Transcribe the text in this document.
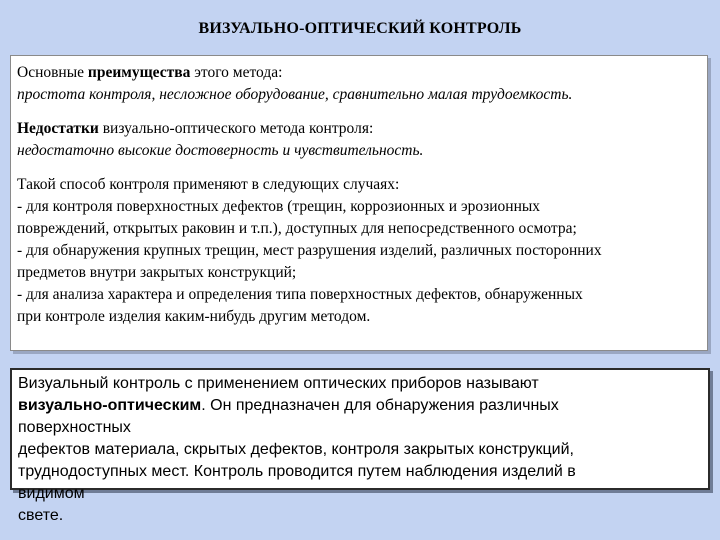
ВИЗУАЛЬНО-ОПТИЧЕСКИЙ КОНТРОЛЬ

Основные преимущества этого метода:

простота контроля, несложное оборудование, сравнительно малая трудоемкость.

Недостатки визуально-оптического метода контроля:

недостаточно высокие достоверность и чувствительность.

Такой способ контроля применяют в следующих случаях:

- для контроля поверхностных дефектов (трещин, коррозионных и эрозионных

повреждений, открытых раковин и т.п.), доступных для непосредственного осмотра;

- для обнаружения крупных трещин, мест разрушения изделий, различных посторонних

предметов внутри закрытых конструкций;

- для анализа характера и определения типа поверхностных дефектов, обнаруженных

при контроле изделия каким-нибудь другим методом.

Визуальный контроль с применением оптических приборов называют
визуально-оптическим. Он предназначен для обнаружения различных
поверхностных
дефектов материала, скрытых дефектов, контроля закрытых конструкций,
труднодоступных мест. Контроль проводится путем наблюдения изделий в
видимом
свете.
